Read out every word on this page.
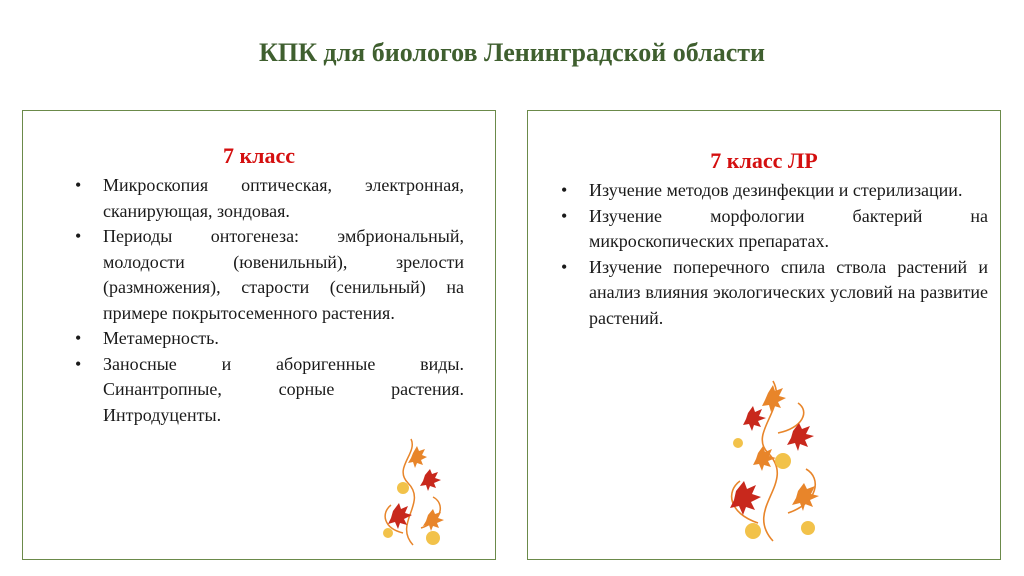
КПК для биологов Ленинградской области
7 класс
• Микроскопия оптическая, электронная, сканирующая, зондовая.
• Периоды онтогенеза: эмбриональный, молодости (ювенильный), зрелости (размножения), старости (сенильный) на примере покрытосеменного растения.
• Метамерность.
• Заносные и аборигенные виды. Синантропные, сорные растения. Интродуценты.
7 класс ЛР
• Изучение методов дезинфекции и стерилизации.
• Изучение морфологии бактерий на микроскопических препаратах.
• Изучение поперечного спила ствола растений и анализ влияния экологических условий на развитие растений.
